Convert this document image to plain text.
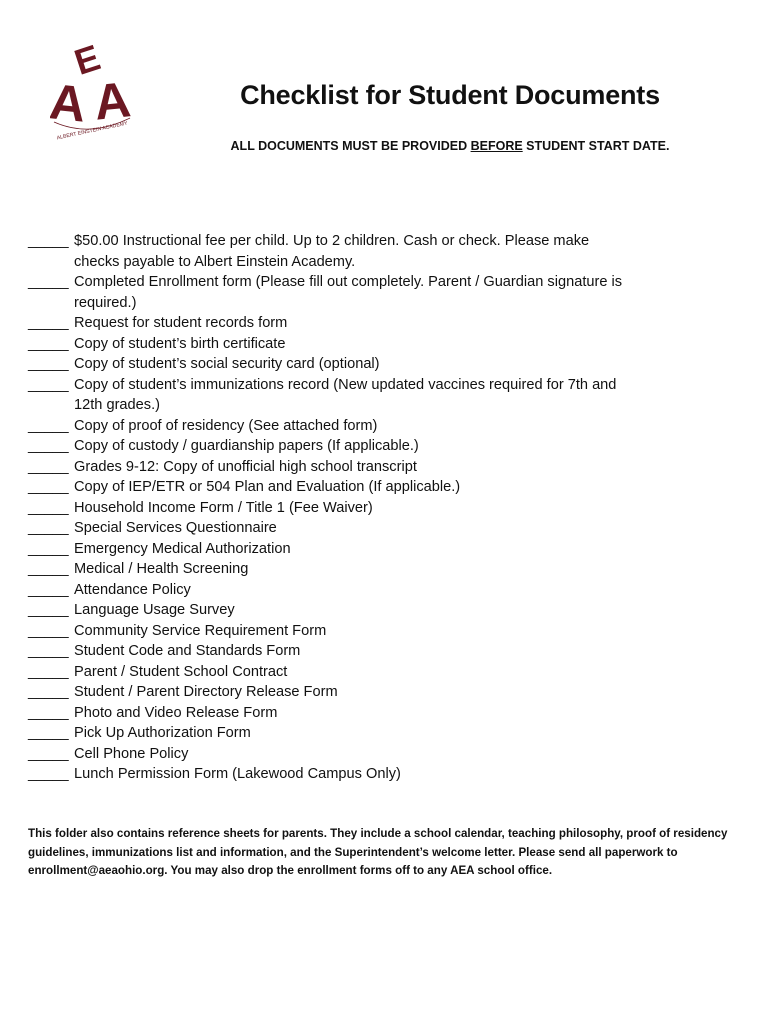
E
A A
ALBERT EINSTEIN ACADEMY
Checklist for Student Documents
ALL DOCUMENTS MUST BE PROVIDED BEFORE STUDENT START DATE.
_____ $50.00 Instructional fee per child. Up to 2 children. Cash or check. Please make checks payable to Albert Einstein Academy.
_____ Completed Enrollment form (Please fill out completely. Parent / Guardian signature is required.)
_____ Request for student records form
_____ Copy of student’s birth certificate
_____ Copy of student’s social security card (optional)
_____ Copy of student’s immunizations record (New updated vaccines required for 7th and 12th grades.)
_____ Copy of proof of residency (See attached form)
_____ Copy of custody / guardianship papers (If applicable.)
_____ Grades 9-12: Copy of unofficial high school transcript
_____ Copy of IEP/ETR or 504 Plan and Evaluation (If applicable.)
_____ Household Income Form / Title 1 (Fee Waiver)
_____ Special Services Questionnaire
_____ Emergency Medical Authorization
_____ Medical / Health Screening
_____ Attendance Policy
_____ Language Usage Survey
_____ Community Service Requirement Form
_____ Student Code and Standards Form
_____ Parent / Student School Contract
_____ Student / Parent Directory Release Form
_____ Photo and Video Release Form
_____ Pick Up Authorization Form
_____ Cell Phone Policy
_____ Lunch Permission Form (Lakewood Campus Only)
This folder also contains reference sheets for parents. They include a school calendar, teaching philosophy, proof of residency guidelines, immunizations list and information, and the Superintendent’s welcome letter. Please send all paperwork to enrollment@aeaohio.org. You may also drop the enrollment forms off to any AEA school office.
